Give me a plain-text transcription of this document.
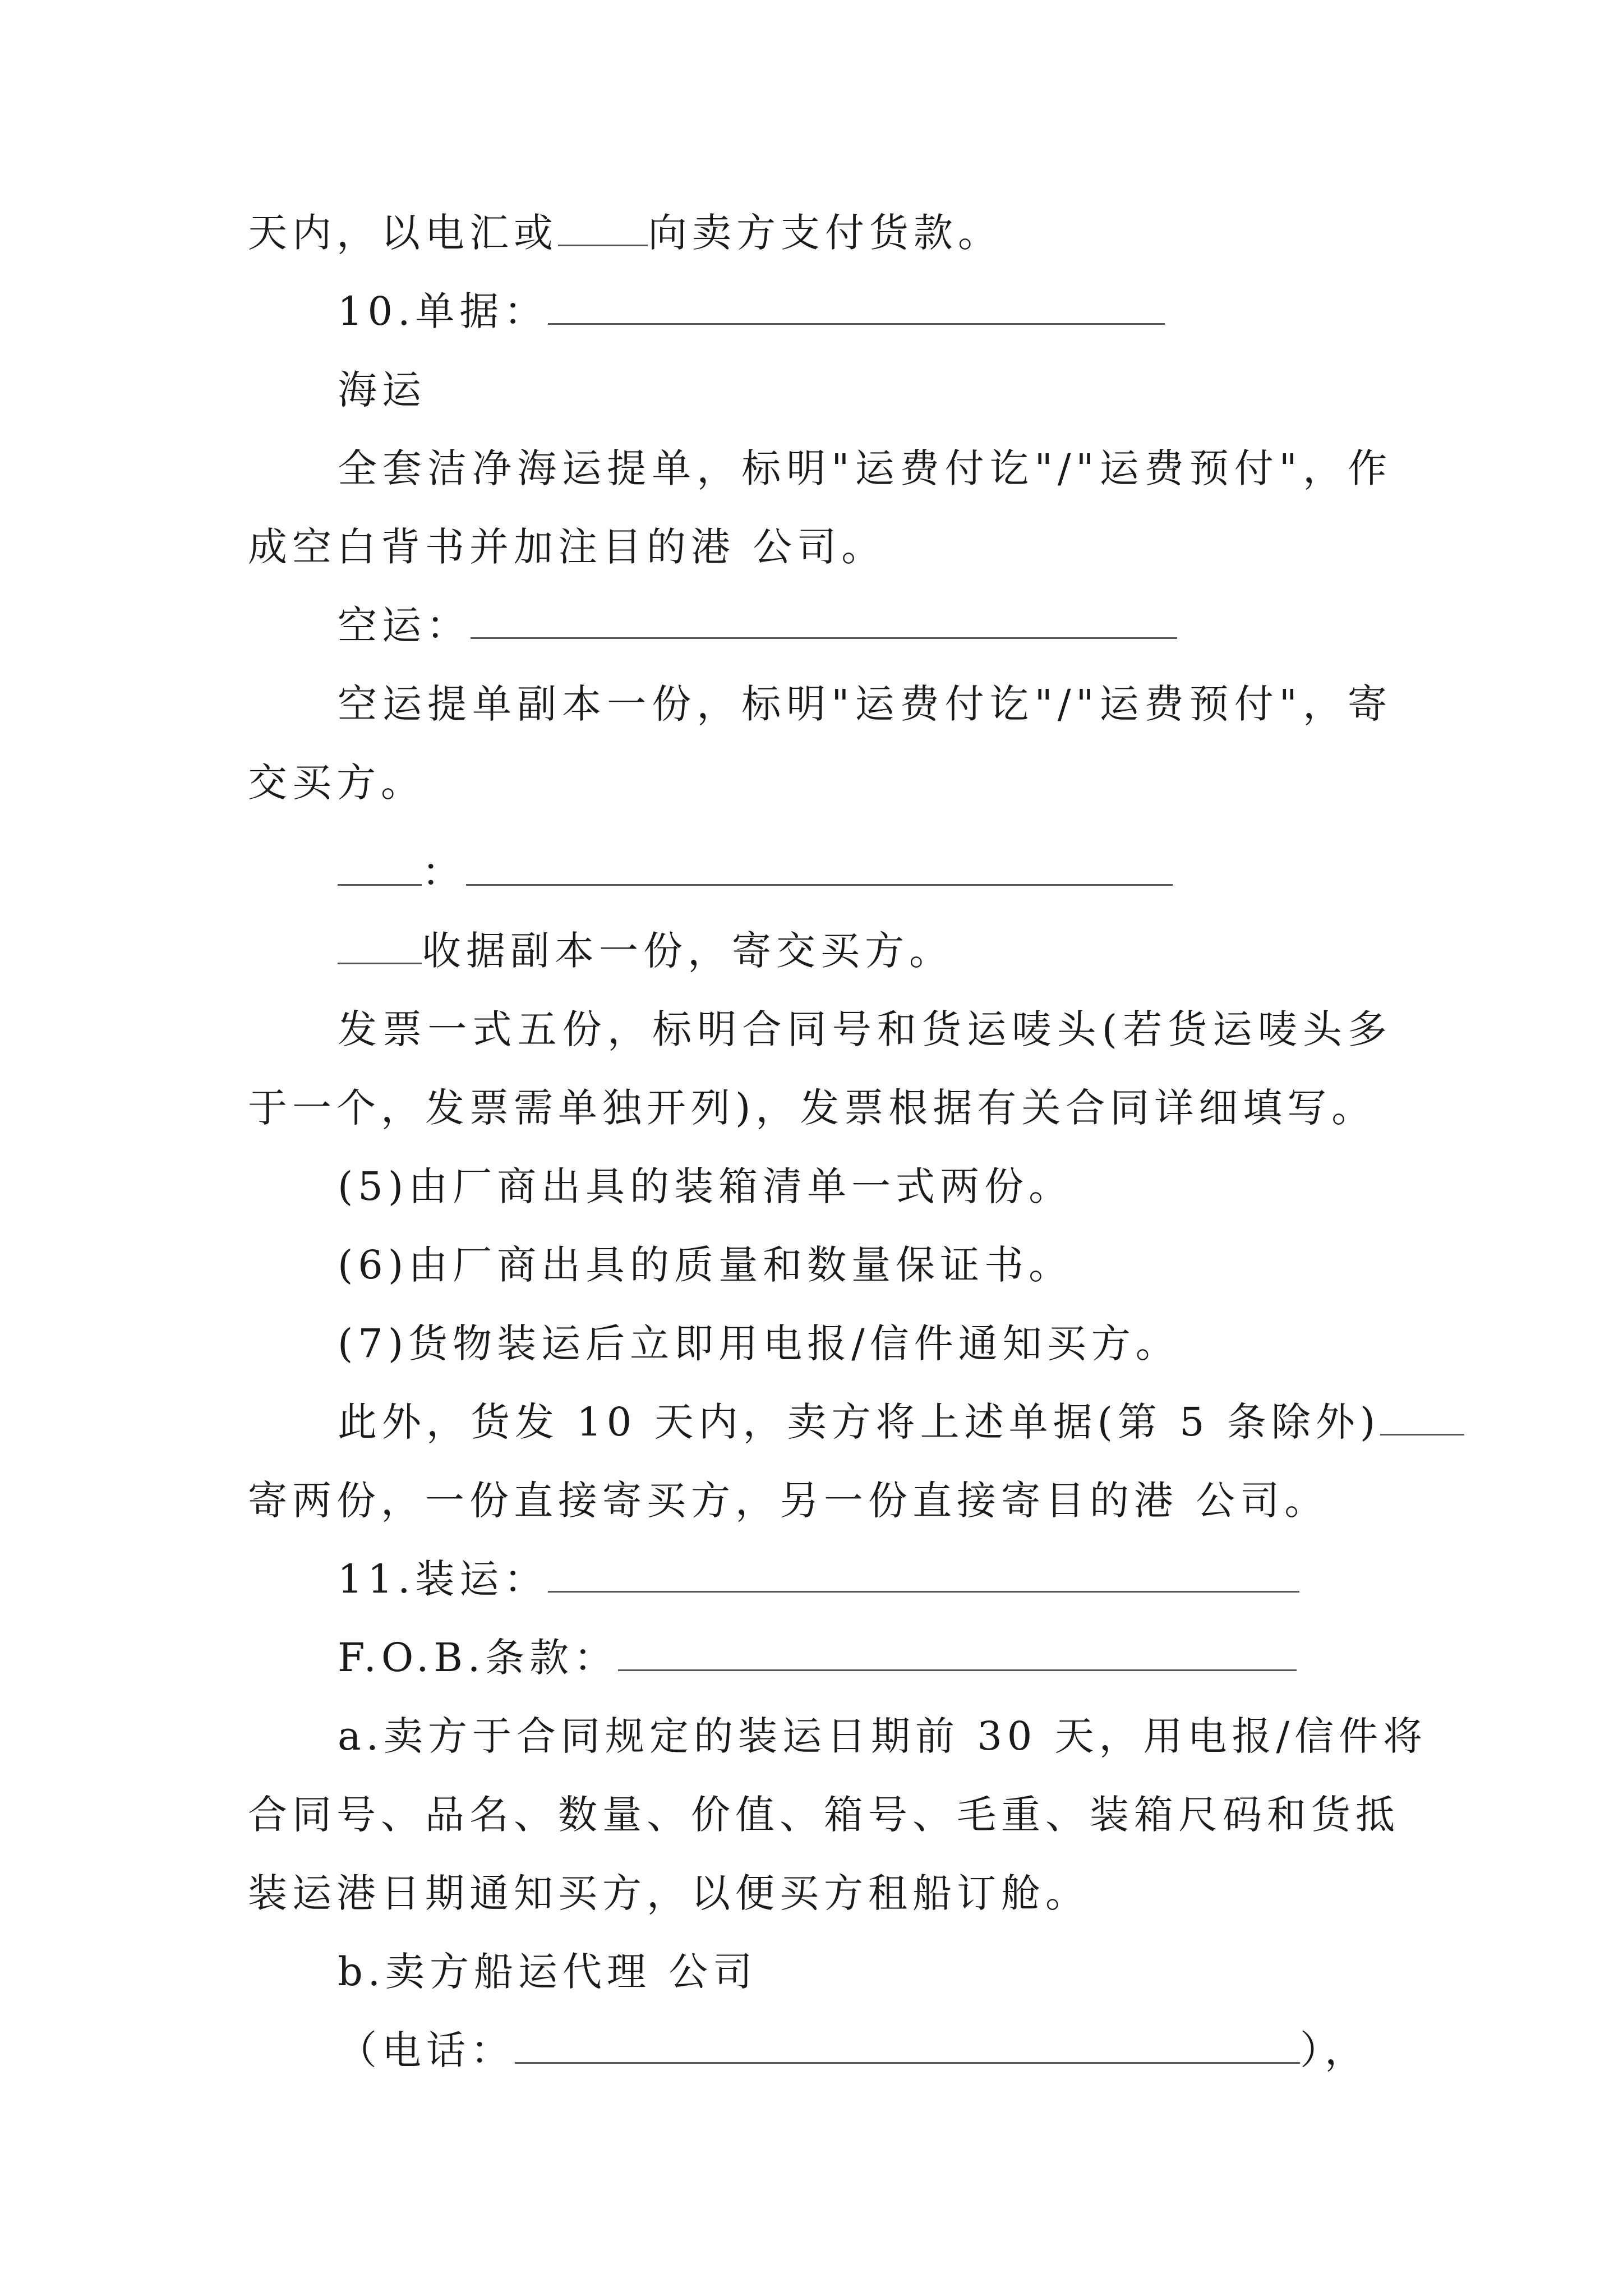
天内，以电汇或 向卖方支付货款。
10.单据：
海运
全套洁净海运提单，标明"运费付讫"/"运费预付"，作
成空白背书并加注目的港 公司。
空运：
空运提单副本一份，标明"运费付讫"/"运费预付"，寄
交买方。
：
收据副本一份，寄交买方。
发票一式五份，标明合同号和货运唛头(若货运唛头多
于一个，发票需单独开列)，发票根据有关合同详细填写。
(5)由厂商出具的装箱清单一式两份。
(6)由厂商出具的质量和数量保证书。
(7)货物装运后立即用电报/信件通知买方。
此外，货发 10 天内，卖方将上述单据(第 5 条除外)
寄两份，一份直接寄买方，另一份直接寄目的港 公司。
11.装运：
F.O.B.条款：
a.卖方于合同规定的装运日期前 30 天，用电报/信件将
合同号、品名、数量、价值、箱号、毛重、装箱尺码和货抵
装运港日期通知买方，以便买方租船订舱。
b.卖方船运代理 公司
（电话：	），
